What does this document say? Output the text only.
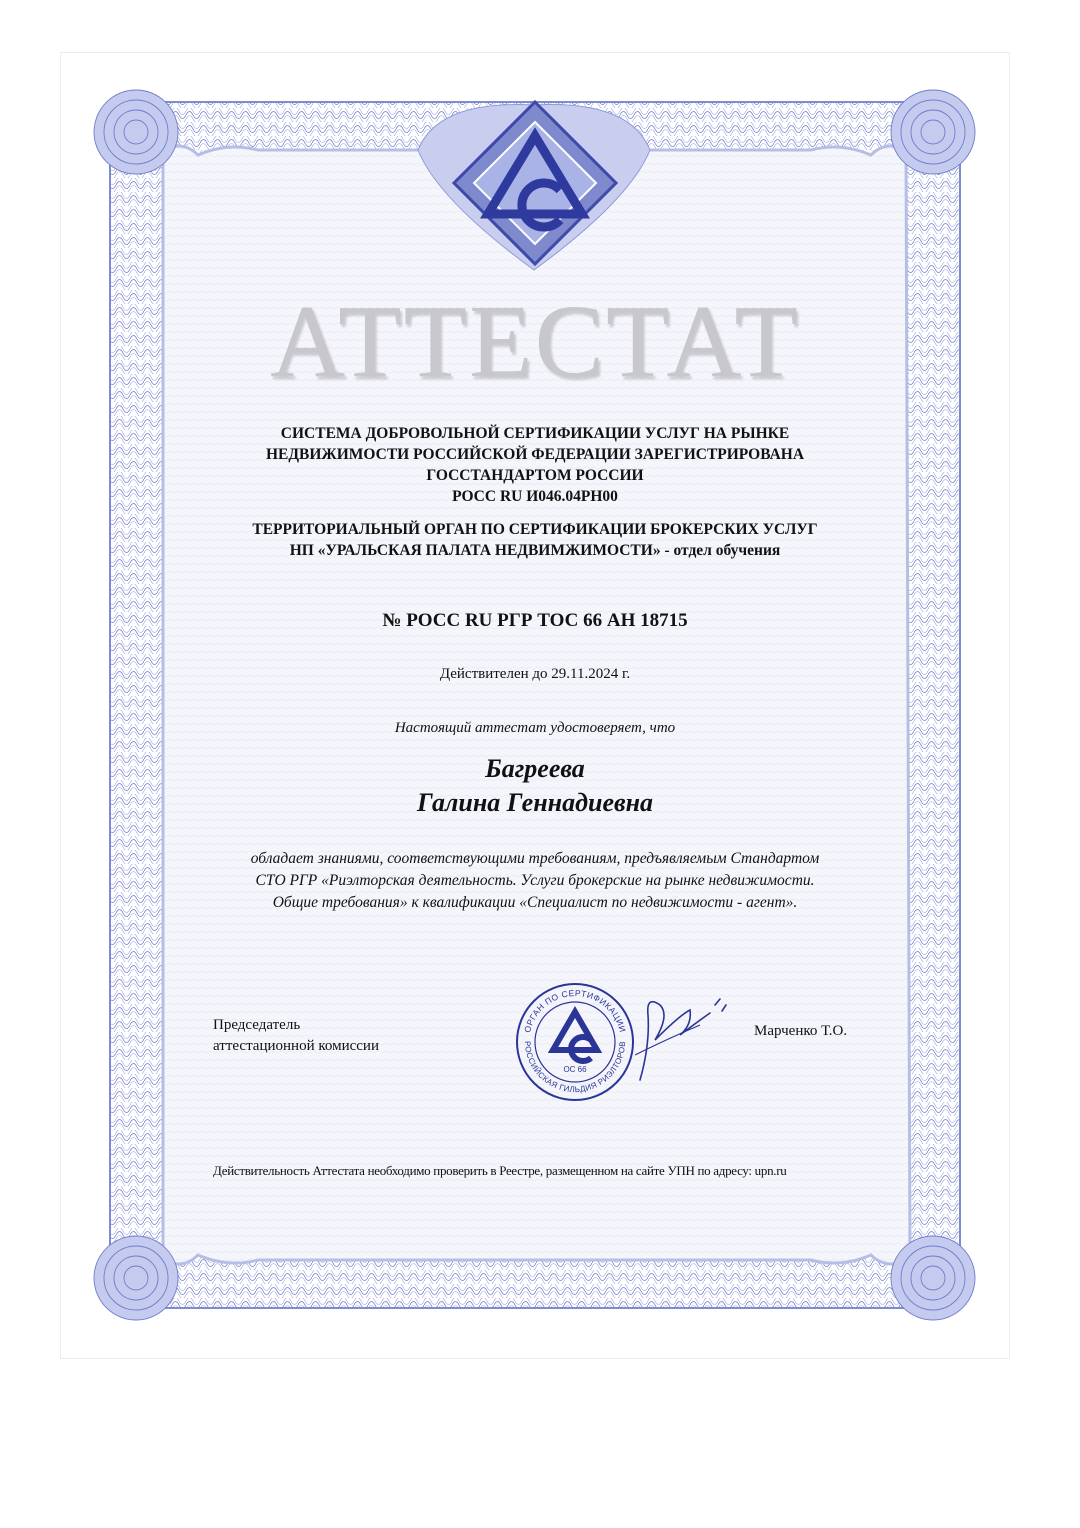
АТТЕСТАТ
СИСТЕМА ДОБРОВОЛЬНОЙ СЕРТИФИКАЦИИ УСЛУГ НА РЫНКЕ
НЕДВИЖИМОСТИ РОССИЙСКОЙ ФЕДЕРАЦИИ ЗАРЕГИСТРИРОВАНА
ГОССТАНДАРТОМ РОССИИ
РОСС RU И046.04РН00
ТЕРРИТОРИАЛЬНЫЙ ОРГАН ПО СЕРТИФИКАЦИИ БРОКЕРСКИХ УСЛУГ
НП «УРАЛЬСКАЯ ПАЛАТА НЕДВИМЖИМОСТИ» - отдел обучения
№ РОСС RU РГР ТОС 66 АН 18715
Действителен до 29.11.2024 г.
Настоящий аттестат удостоверяет, что
Багреева
Галина Геннадиевна
обладает знаниями, соответствующими требованиям, предъявляемым Стандартом
СТО РГР «Риэлторская деятельность. Услуги брокерские на рынке недвижимости.
Общие требования» к квалификации «Специалист по недвижимости - агент».
Председатель
аттестационной комиссии
ОРГАН ПО СЕРТИФИКАЦИИ
РОССИЙСКАЯ ГИЛЬДИЯ РИЭЛТОРОВ
ОС 66
Марченко Т.О.
Действительность Аттестата необходимо проверить в Реестре, размещенном на сайте УПН по адресу: upn.ru
